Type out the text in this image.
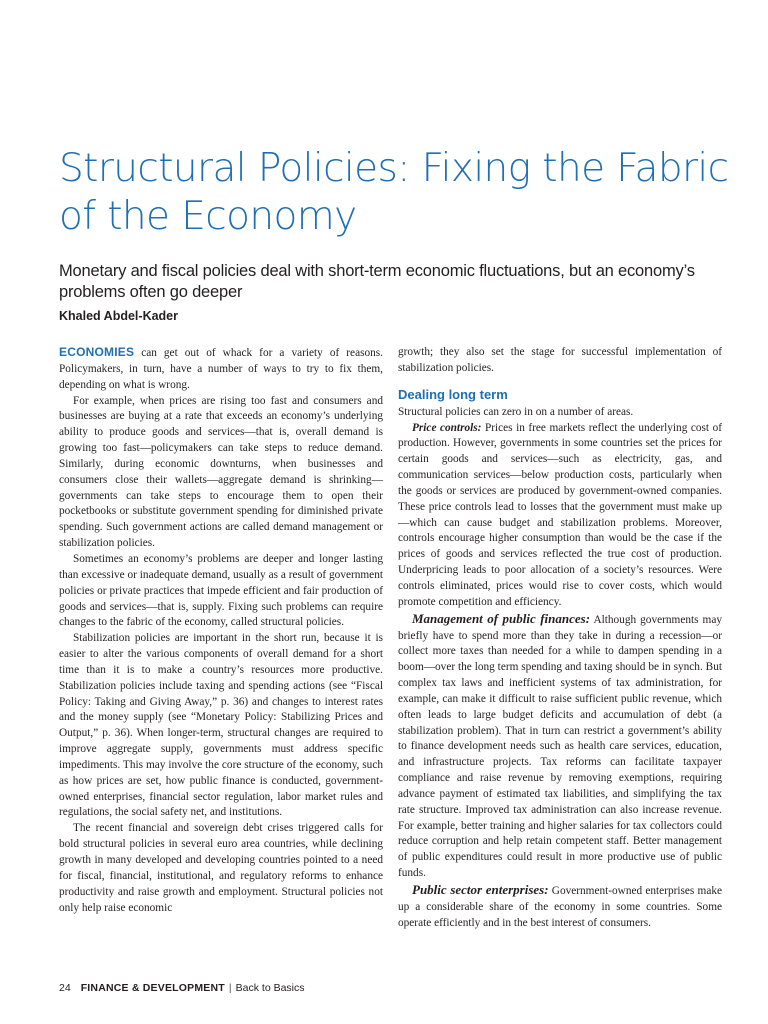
Structural Policies: Fixing the Fabric of the Economy
Monetary and fiscal policies deal with short-term economic fluctuations, but an economy’s problems often go deeper
Khaled Abdel-Kader

ECONOMIES can get out of whack for a variety of reasons. Policymakers, in turn, have a number of ways to try to fix them, depending on what is wrong.

For example, when prices are rising too fast and consumers and businesses are buying at a rate that exceeds an economy’s underlying ability to produce goods and services—that is, overall demand is growing too fast—policymakers can take steps to reduce demand. Similarly, during economic downturns, when businesses and consumers close their wallets—aggregate demand is shrinking—governments can take steps to encourage them to open their pocketbooks or substitute government spending for diminished private spending. Such government actions are called demand management or stabilization policies.

Sometimes an economy’s problems are deeper and longer lasting than excessive or inadequate demand, usually as a result of government policies or private practices that impede efficient and fair production of goods and services—that is, supply. Fixing such problems can require changes to the fabric of the economy, called structural policies.

Stabilization policies are important in the short run, because it is easier to alter the various components of overall demand for a short time than it is to make a country’s resources more productive. Stabilization policies include taxing and spending actions (see “Fiscal Policy: Taking and Giving Away,” p. 36) and changes to interest rates and the money supply (see “Monetary Policy: Stabilizing Prices and Output,” p. 36). When longer-term, structural changes are required to improve aggregate supply, governments must address specific impediments. This may involve the core structure of the economy, such as how prices are set, how public finance is conducted, government-owned enterprises, financial sector regulation, labor market rules and regulations, the social safety net, and institutions.

The recent financial and sovereign debt crises triggered calls for bold structural policies in several euro area countries, while declining growth in many developed and developing countries pointed to a need for fiscal, financial, institutional, and regulatory reforms to enhance productivity and raise growth and employment. Structural policies not only help raise economic

growth; they also set the stage for successful implementation of stabilization policies.

Dealing long term

Structural policies can zero in on a number of areas.

Price controls: Prices in free markets reflect the underlying cost of production. However, governments in some countries set the prices for certain goods and services—such as electricity, gas, and communication services—below production costs, particularly when the goods or services are produced by government-owned companies. These price controls lead to losses that the government must make up—which can cause budget and stabilization problems. Moreover, controls encourage higher consumption than would be the case if the prices of goods and services reflected the true cost of production. Underpricing leads to poor allocation of a society’s resources. Were controls eliminated, prices would rise to cover costs, which would promote competition and efficiency.

Management of public finances: Although governments may briefly have to spend more than they take in during a recession—or collect more taxes than needed for a while to dampen spending in a boom—over the long term spending and taxing should be in synch. But complex tax laws and inefficient systems of tax administration, for example, can make it difficult to raise sufficient public revenue, which often leads to large budget deficits and accumulation of debt (a stabilization problem). That in turn can restrict a government’s ability to finance development needs such as health care services, education, and infrastructure projects. Tax reforms can facilitate taxpayer compliance and raise revenue by removing exemptions, requiring advance payment of estimated tax liabilities, and simplifying the tax rate structure. Improved tax administration can also increase revenue. For example, better training and higher salaries for tax collectors could reduce corruption and help retain competent staff. Better management of public expenditures could result in more productive use of public funds.

Public sector enterprises: Government-owned enterprises make up a considerable share of the economy in some countries. Some operate efficiently and in the best interest of consumers.

24 FINANCE & DEVELOPMENT | Back to Basics
